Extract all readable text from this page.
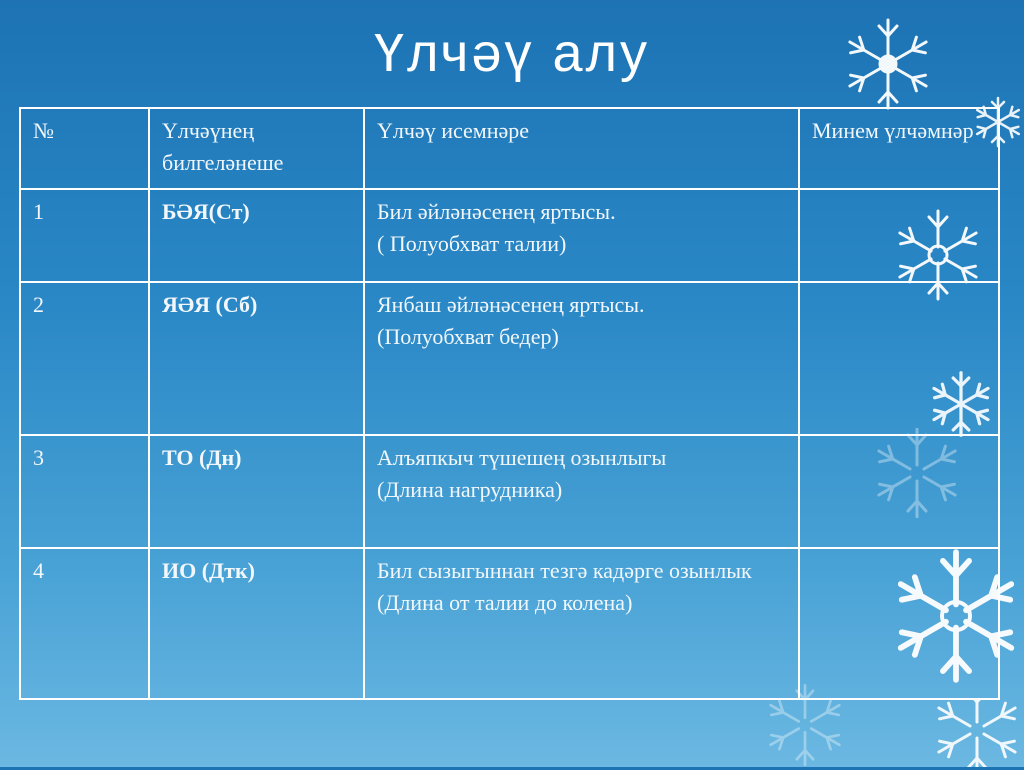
Үлчәү алу
№	Үлчәүнең билгеләнеше	Үлчәү исемнәре	Минем үлчәмнәр
1	БӘЯ(Ст)	Бил әйләнәсенең яртысы.
( Полуобхват талии)	

2	ЯӘЯ (Сб)	Янбаш әйләнәсенең яртысы.
(Полуобхват бедер)	

3	ТО (Дн)	Алъяпкыч түшешең озынлыгы
(Длина нагрудника)	

4	ИО (Дтк)	Бил сызыгыннан тезгә кадәрге озынлык (Длина от талии до колена)	
